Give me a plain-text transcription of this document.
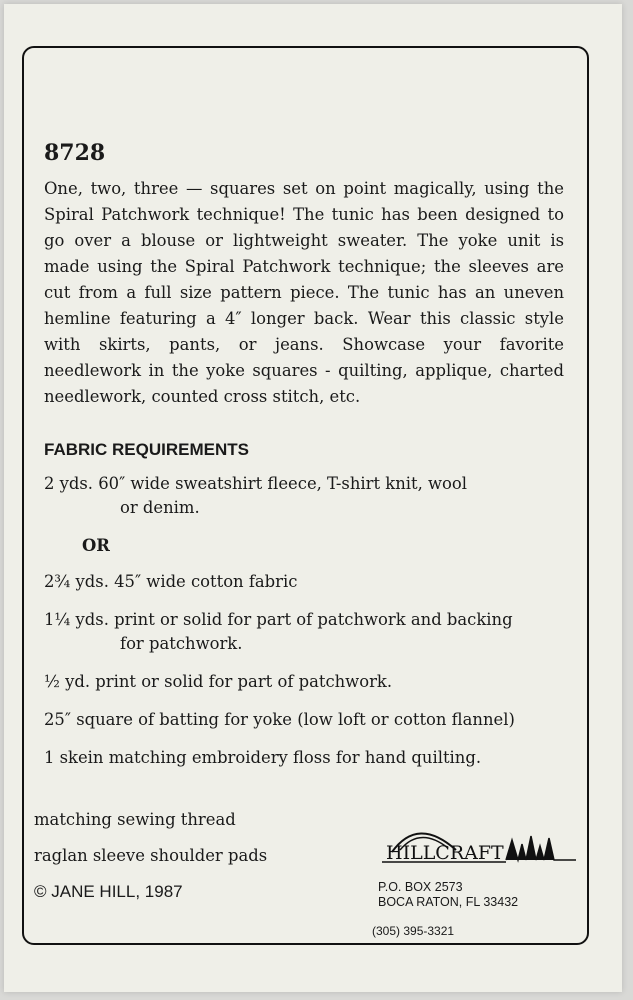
8728

One, two, three — squares set on point magically, using the Spiral Patchwork technique! The tunic has been designed to go over a blouse or lightweight sweater. The yoke unit is made using the Spiral Patchwork technique; the sleeves are cut from a full size pattern piece. The tunic has an uneven hemline featuring a 4″ longer back. Wear this classic style with skirts, pants, or jeans. Showcase your favorite needlework in the yoke squares - quilting, applique, charted needlework, counted cross stitch, etc.

FABRIC REQUIREMENTS

2 yds. 60″ wide sweatshirt fleece, T-shirt knit, wool
or denim.

OR

2¾ yds. 45″ wide cotton fabric

1¼ yds. print or solid for part of patchwork and backing
for patchwork.

½ yd. print or solid for part of patchwork.

25″ square of batting for yoke (low loft or cotton flannel)

1 skein matching embroidery floss for hand quilting.

matching sewing thread
raglan sleeve shoulder pads
© JANE HILL, 1987
HILLCRAFT
P.O. BOX 2573
BOCA RATON, FL 33432
(305) 395-3321
